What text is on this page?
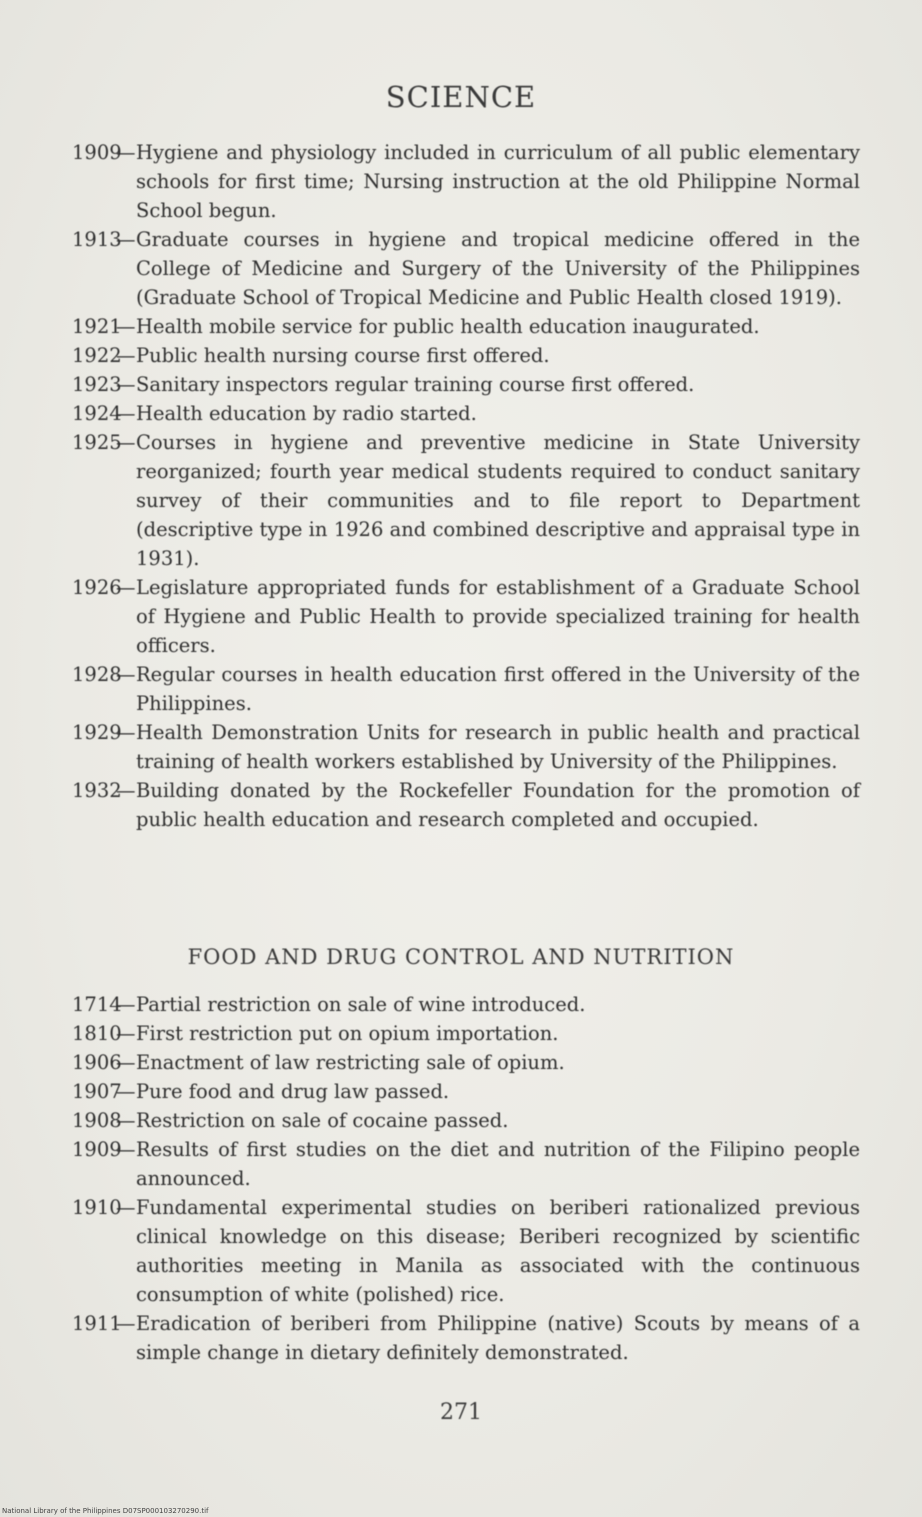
SCIENCE

1909
— Hygiene and physiology included in curriculum of all public elementary schools for first time; Nursing instruction at the old Philippine Normal School begun.

1913
— Graduate courses in hygiene and tropical medicine offered in the College of Medicine and Surgery of the University of the Philippines (Graduate School of Tropical Medicine and Public Health closed 1919).

1921
— Health mobile service for public health education inaugurated.

1922
— Public health nursing course first offered.

1923
— Sanitary inspectors regular training course first offered.

1924
— Health education by radio started.

1925
— Courses in hygiene and preventive medicine in State University reorganized; fourth year medical students required to conduct sanitary survey of their communities and to file report to Department (descriptive type in 1926 and combined descriptive and appraisal type in 1931).

1926
— Legislature appropriated funds for establishment of a Graduate School of Hygiene and Public Health to provide specialized training for health officers.

1928
— Regular courses in health education first offered in the University of the Philippines.

1929
— Health Demonstration Units for research in public health and practical training of health workers established by University of the Philippines.

1932
— Building donated by the Rockefeller Foundation for the promotion of public health education and research completed and occupied.

FOOD AND DRUG CONTROL AND NUTRITION

1714
— Partial restriction on sale of wine introduced.

1810
— First restriction put on opium importation.

1906
— Enactment of law restricting sale of opium.

1907
— Pure food and drug law passed.

1908
— Restriction on sale of cocaine passed.

1909
— Results of first studies on the diet and nutrition of the Filipino people announced.

1910
— Fundamental experimental studies on beriberi rationalized previous clinical knowledge on this disease; Beriberi recognized by scientific authorities meeting in Manila as associated with the continuous consumption of white (polished) rice.

1911
— Eradication of beriberi from Philippine (native) Scouts by means of a simple change in dietary definitely demonstrated.

271
National Library of the Philippines D07SP000103270290.tif
